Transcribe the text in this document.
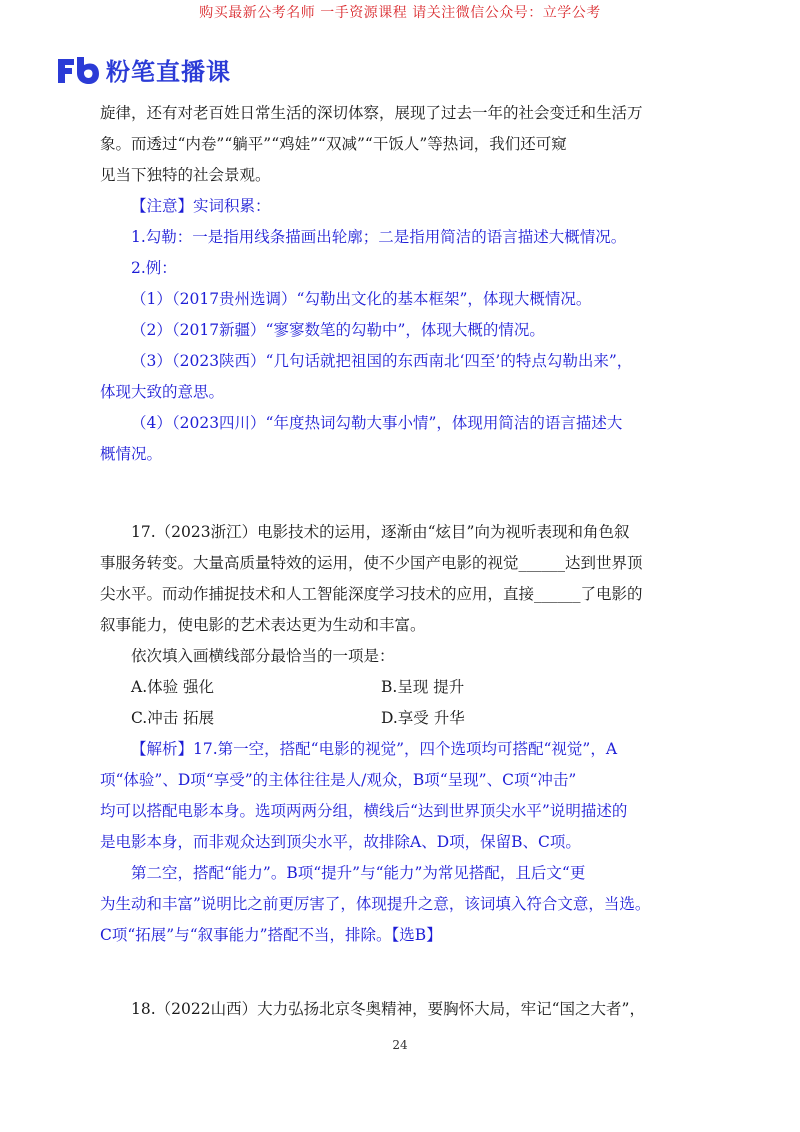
购买最新公考名师 一手资源课程 请关注微信公众号：立学公考
粉笔直播课

旋律，还有对老百姓日常生活的深切体察，展现了过去一年的社会变迁和生活万

象。而透过“内卷”“躺平”“鸡娃”“双减”“干饭人”等热词，我们还可窥

见当下独特的社会景观。

【注意】实词积累：

1.勾勒：一是指用线条描画出轮廓；二是指用简洁的语言描述大概情况。

2.例：

（1）（2017贵州选调）“勾勒出文化的基本框架”，体现大概情况。

（2）（2017新疆）“寥寥数笔的勾勒中”，体现大概的情况。

（3）（2023陕西）“几句话就把祖国的东西南北‘四至’的特点勾勒出来”，

体现大致的意思。

（4）（2023四川）“年度热词勾勒大事小情”，体现用简洁的语言描述大

概情况。

17.（2023浙江）电影技术的运用，逐渐由“炫目”向为视听表现和角色叙

事服务转变。大量高质量特效的运用，使不少国产电影的视觉______达到世界顶

尖水平。而动作捕捉技术和人工智能深度学习技术的应用，直接______了电影的

叙事能力，使电影的艺术表达更为生动和丰富。

依次填入画横线部分最恰当的一项是：

A.体验 强化	B.呈现 提升
C.冲击 拓展	D.享受 升华

【解析】17.第一空，搭配“电影的视觉”，四个选项均可搭配“视觉”，A

项“体验”、D项“享受”的主体往往是人/观众，B项“呈现”、C项“冲击”

均可以搭配电影本身。选项两两分组，横线后“达到世界顶尖水平”说明描述的

是电影本身，而非观众达到顶尖水平，故排除A、D项，保留B、C项。

第二空，搭配“能力”。B项“提升”与“能力”为常见搭配，且后文“更

为生动和丰富”说明比之前更厉害了，体现提升之意，该词填入符合文意，当选。

C项“拓展”与“叙事能力”搭配不当，排除。【选B】

18.（2022山西）大力弘扬北京冬奥精神，要胸怀大局，牢记“国之大者”，

24
